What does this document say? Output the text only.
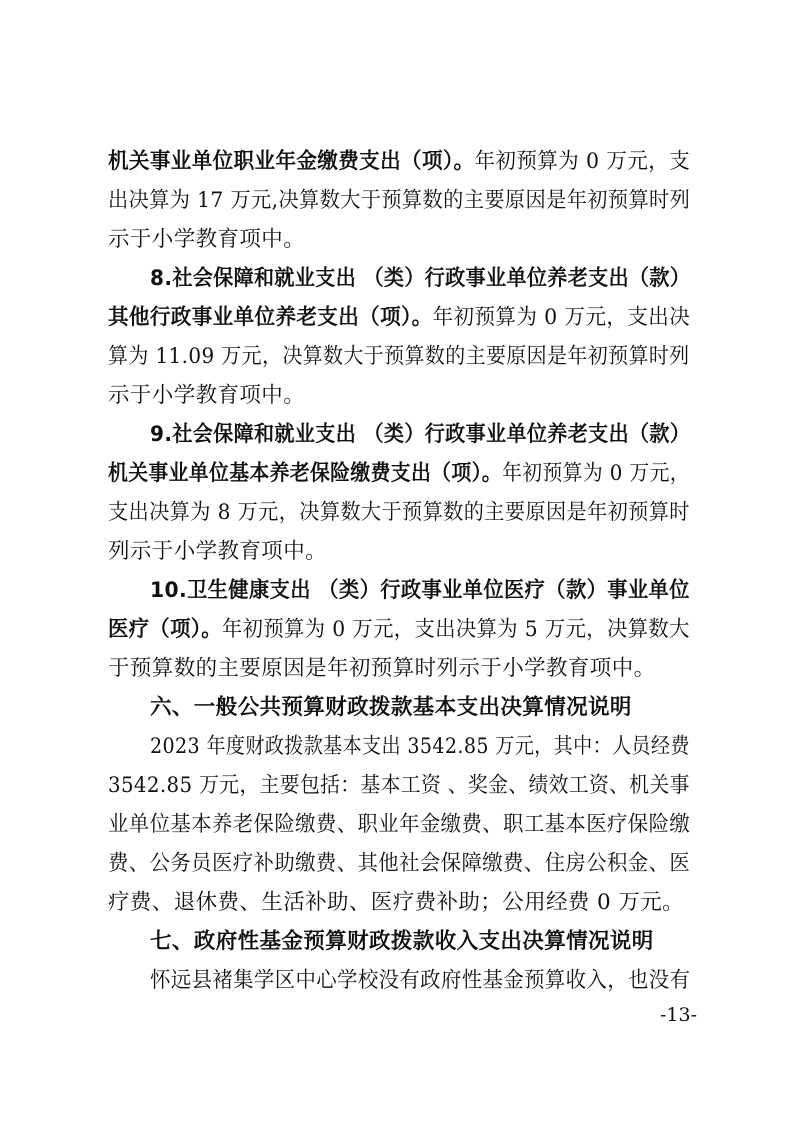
机关事业单位职业年金缴费支出（项）。年初预算为 0 万元，支
出决算为 17 万元,决算数大于预算数的主要原因是年初预算时列
示于小学教育项中。
8.社会保障和就业支出 （类）行政事业单位养老支出（款）
其他行政事业单位养老支出（项）。年初预算为 0 万元，支出决
算为 11.09 万元，决算数大于预算数的主要原因是年初预算时列
示于小学教育项中。
9.社会保障和就业支出 （类）行政事业单位养老支出（款）
机关事业单位基本养老保险缴费支出（项）。年初预算为 0 万元，
支出决算为 8 万元，决算数大于预算数的主要原因是年初预算时
列示于小学教育项中。
10.卫生健康支出 （类）行政事业单位医疗（款）事业单位
医疗（项）。年初预算为 0 万元，支出决算为 5 万元，决算数大
于预算数的主要原因是年初预算时列示于小学教育项中。
六、一般公共预算财政拨款基本支出决算情况说明
2023 年度财政拨款基本支出 3542.85 万元，其中：人员经费
3542.85 万元，主要包括：基本工资 、奖金、绩效工资、机关事
业单位基本养老保险缴费、职业年金缴费、职工基本医疗保险缴
费、公务员医疗补助缴费、其他社会保障缴费、住房公积金、医
疗费、退休费、生活补助、医疗费补助；公用经费 0 万元。
七、政府性基金预算财政拨款收入支出决算情况说明
怀远县褚集学区中心学校没有政府性基金预算收入，也没有
-13-
